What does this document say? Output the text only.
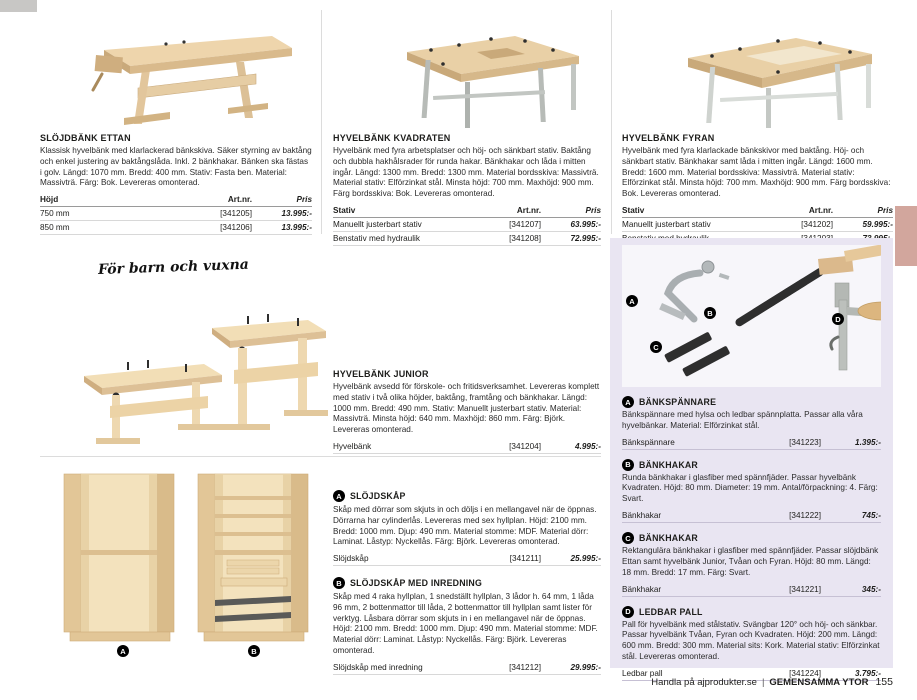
SLÖJDBÄNK ETTAN

Klassisk hyvelbänk med klarlackerad bänkskiva. Säker styrning av baktång och enkel justering av baktångslåda. Inkl. 2 bänkhakar. Bänken ska fästas i golv. Längd: 1070 mm. Bredd: 400 mm. Stativ: Fasta ben. Material: Massivträ. Färg: Bok. Levereras omonterad.

Höjd	Art.nr.	Pris
750 mm	[341205]	13.995:-
850 mm	[341206]	13.995:-
HYVELBÄNK KVADRATEN

Hyvelbänk med fyra arbetsplatser och höj- och sänkbart stativ. Baktång och dubbla hakhålsrader för runda hakar. Bänkhakar och låda i mitten ingår. Längd: 1300 mm. Bredd: 1300 mm. Material bordsskiva: Massivträ. Material stativ: Elförzinkat stål. Minsta höjd: 700 mm. Maxhöjd: 900 mm. Färg bordsskiva: Bok. Levereras omonterad.

Stativ	Art.nr.	Pris
Manuellt justerbart stativ	[341207]	63.995:-
Benstativ med hydraulik	[341208]	72.995:-
HYVELBÄNK FYRAN

Hyvelbänk med fyra klarlackade bänkskivor med baktång. Höj- och sänkbart stativ. Bänkhakar samt låda i mitten ingår. Längd: 1600 mm. Bredd: 1600 mm. Material bordsskiva: Massivträ. Material stativ: Elförzinkat stål. Minsta höjd: 700 mm. Maxhöjd: 900 mm. Färg bordsskiva: Bok. Levereras omonterad.

Stativ	Art.nr.	Pris
Manuellt justerbart stativ	[341202]	59.995:-

För barn och vuxna
HYVELBÄNK JUNIOR

Hyvelbänk avsedd för förskole- och fritidsverksamhet. Levereras komplett med stativ i två olika höjder, baktång, framtång och bänkhakar. Längd: 1000 mm. Bredd: 490 mm. Stativ: Manuellt justerbart stativ. Material: Massivträ. Minsta höjd: 640 mm. Maxhöjd: 860 mm. Färg: Björk. Levereras omonterad.

Hyvelbänk	[341204]	4.995:-
A	B
A SLÖJDSKÅP

Skåp med dörrar som skjuts in och döljs i en mellangavel när de öppnas. Dörrarna har cylinderlås. Levereras med sex hyllplan. Höjd: 2100 mm. Bredd: 1000 mm. Djup: 490 mm. Material stomme: MDF. Material dörr: Laminat. Låstyp: Nyckellås. Färg: Björk. Levereras omonterad.

Slöjdskåp	[341211]	25.995:-
B SLÖJDSKÅP MED INREDNING

Skåp med 4 raka hyllplan, 1 snedställt hyllplan, 3 lådor h. 64 mm, 1 låda 96 mm, 2 bottenmattor till låda, 2 bottenmattor till hyllplan samt lister för verktyg. Låsbara dörrar som skjuts in i en mellangavel när de öppnas. Höjd: 2100 mm. Bredd: 1000 mm. Djup: 490 mm. Material stomme: MDF. Material dörr: Laminat. Låstyp: Nyckellås. Färg: Björk. Levereras omonterad.

Slöjdskåp med inredning	[341212]	29.995:-
A
B
C
D
A BÄNKSPÄNNARE

Bänkspännare med hylsa och ledbar spännplatta. Passar alla våra hyvelbänkar. Material: Elförzinkat stål.

Bänkspännare	[341223]	1.395:-
B BÄNKHAKAR

Runda bänkhakar i glasfiber med spännfjäder. Passar hyvelbänk Kvadraten. Höjd: 80 mm. Diameter: 19 mm. Antal/förpackning: 4. Färg: Svart.

Bänkhakar	[341222]	745:-
C BÄNKHAKAR

Rektangulära bänkhakar i glasfiber med spännfjäder. Passar slöjdbänk Ettan samt hyvelbänk Junior, Tvåan och Fyran. Höjd: 80 mm. Längd: 18 mm. Bredd: 17 mm. Färg: Svart.

Bänkhakar	[341221]	345:-
D LEDBAR PALL

Pall för hyvelbänk med stålstativ. Svängbar 120° och höj- och sänkbar. Passar hyvelbänk Tvåan, Fyran och Kvadraten. Höjd: 200 mm. Längd: 600 mm. Bredd: 300 mm. Material sits: Kork. Material stativ: Elförzinkat stål. Levereras omonterad.

Ledbar pall	[341224]	3.795:-
Handla på ajprodukter.se | GEMENSAMMA YTOR 155
